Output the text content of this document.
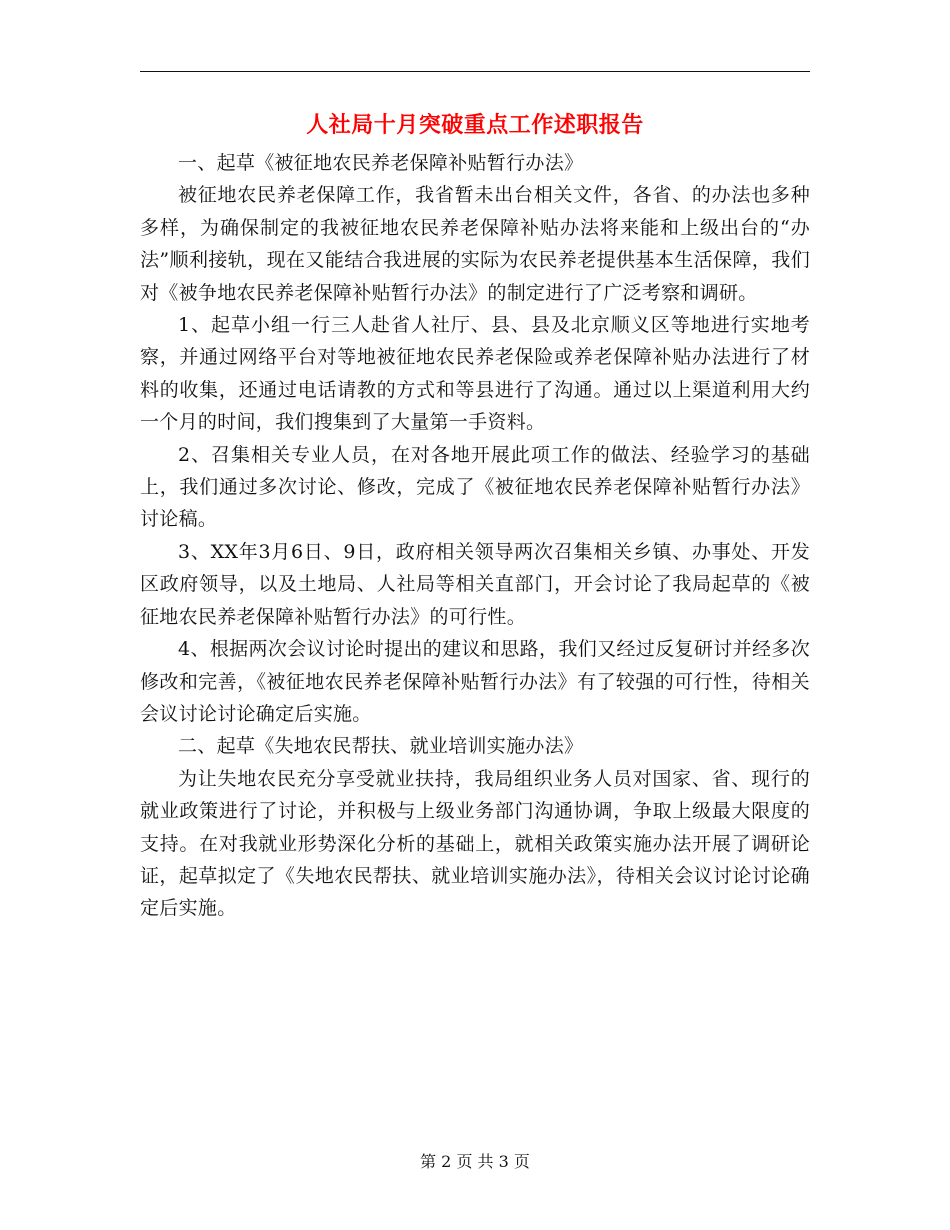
人社局十月突破重点工作述职报告

一、起草《被征地农民养老保障补贴暂行办法》

被征地农民养老保障工作，我省暂未出台相关文件，各省、的办法也多种多样，为确保制定的我被征地农民养老保障补贴办法将来能和上级出台的“办法”顺利接轨，现在又能结合我进展的实际为农民养老提供基本生活保障，我们对《被争地农民养老保障补贴暂行办法》的制定进行了广泛考察和调研。

1、起草小组一行三人赴省人社厅、县、县及北京顺义区等地进行实地考察，并通过网络平台对等地被征地农民养老保险或养老保障补贴办法进行了材料的收集，还通过电话请教的方式和等县进行了沟通。通过以上渠道利用大约一个月的时间，我们搜集到了大量第一手资料。

2、召集相关专业人员，在对各地开展此项工作的做法、经验学习的基础上，我们通过多次讨论、修改，完成了《被征地农民养老保障补贴暂行办法》讨论稿。

3、XX年3月6日、9日，政府相关领导两次召集相关乡镇、办事处、开发区政府领导，以及土地局、人社局等相关直部门，开会讨论了我局起草的《被征地农民养老保障补贴暂行办法》的可行性。

4、根据两次会议讨论时提出的建议和思路，我们又经过反复研讨并经多次修改和完善，《被征地农民养老保障补贴暂行办法》有了较强的可行性，待相关会议讨论讨论确定后实施。

二、起草《失地农民帮扶、就业培训实施办法》

为让失地农民充分享受就业扶持，我局组织业务人员对国家、省、现行的就业政策进行了讨论，并积极与上级业务部门沟通协调，争取上级最大限度的支持。在对我就业形势深化分析的基础上，就相关政策实施办法开展了调研论证，起草拟定了《失地农民帮扶、就业培训实施办法》，待相关会议讨论讨论确定后实施。

第 2 页 共 3 页
